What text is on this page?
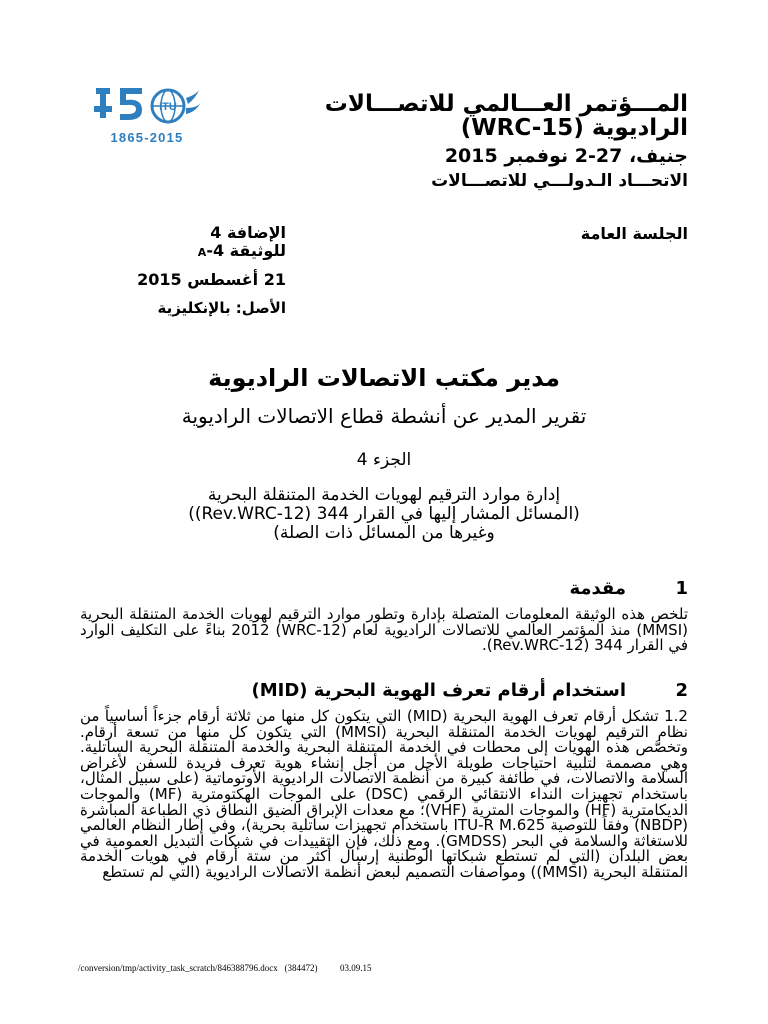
ITU
1865-2015
المـــؤتمر العـــالمي للاتصـــالات الراديوية (WRC-15)
جنيف، 27-2 نوفمبر 2015
الاتحـــاد الـدولـــي للاتصـــالات
الجلسة العامة
الإضافة 4
للوثيقة 4-A
21 أغسطس 2015
الأصل: بالإنكليزية
مدير مكتب الاتصالات الراديوية
تقرير المدير عن أنشطة قطاع الاتصالات الراديوية
الجزء 4
إدارة موارد الترقيم لهويات الخدمة المتنقلة البحرية
(المسائل المشار إليها في القرار 344 (Rev.WRC-12))
وغيرها من المسائل ذات الصلة)
1مقدمة

تلخص هذه الوثيقة المعلومات المتصلة بإدارة وتطور موارد الترقيم لهويات الخدمة المتنقلة البحرية (MMSI) منذ المؤتمر العالمي للاتصالات الراديوية لعام (WRC-12) 2012 بناءً على التكليف الوارد في القرار 344 (Rev.WRC-12).

2استخدام أرقام تعرف الهوية البحرية (MID)

1.2 تشكل أرقام تعرف الهوية البحرية (MID) التي يتكون كل منها من ثلاثة أرقام جزءاً أساسياً من نظام الترقيم لهويات الخدمة المتنقلة البحرية (MMSI) التي يتكون كل منها من تسعة أرقام. وتخصَّص هذه الهويات إلى محطات في الخدمة المتنقلة البحرية والخدمة المتنقلة البحرية الساتلية. وهي مصممة لتلبية احتياجات طويلة الأجل من أجل إنشاء هوية تعرف فريدة للسفن لأغراض السلامة والاتصالات، في طائفة كبيرة من أنظمة الاتصالات الراديوية الأوتوماتية (على سبيل المثال، باستخدام تجهيزات النداء الانتقائي الرقمي (DSC) على الموجات الهكتومترية (MF) والموجات الديكامترية (HF) والموجات المترية (VHF)؛ مع معدات الإبراق الضيق النطاق ذي الطباعة المباشرة (NBDP) وفقاً للتوصية ITU-R M.625 باستخدام تجهيزات ساتلية بحرية)، وفي إطار النظام العالمي للاستغاثة والسلامة في البحر (GMDSS). ومع ذلك، فإن التقييدات في شبكات التبديل العمومية في بعض البلدان (التي لم تستطع شبكاتها الوطنية إرسال أكثر من ستة أرقام في هويات الخدمة المتنقلة البحرية (MMSI)) ومواصفات التصميم لبعض أنظمة الاتصالات الراديوية (التي لم تستطع

/conversion/tmp/activity_task_scratch/846388796.docx (384472)	03.09.15
